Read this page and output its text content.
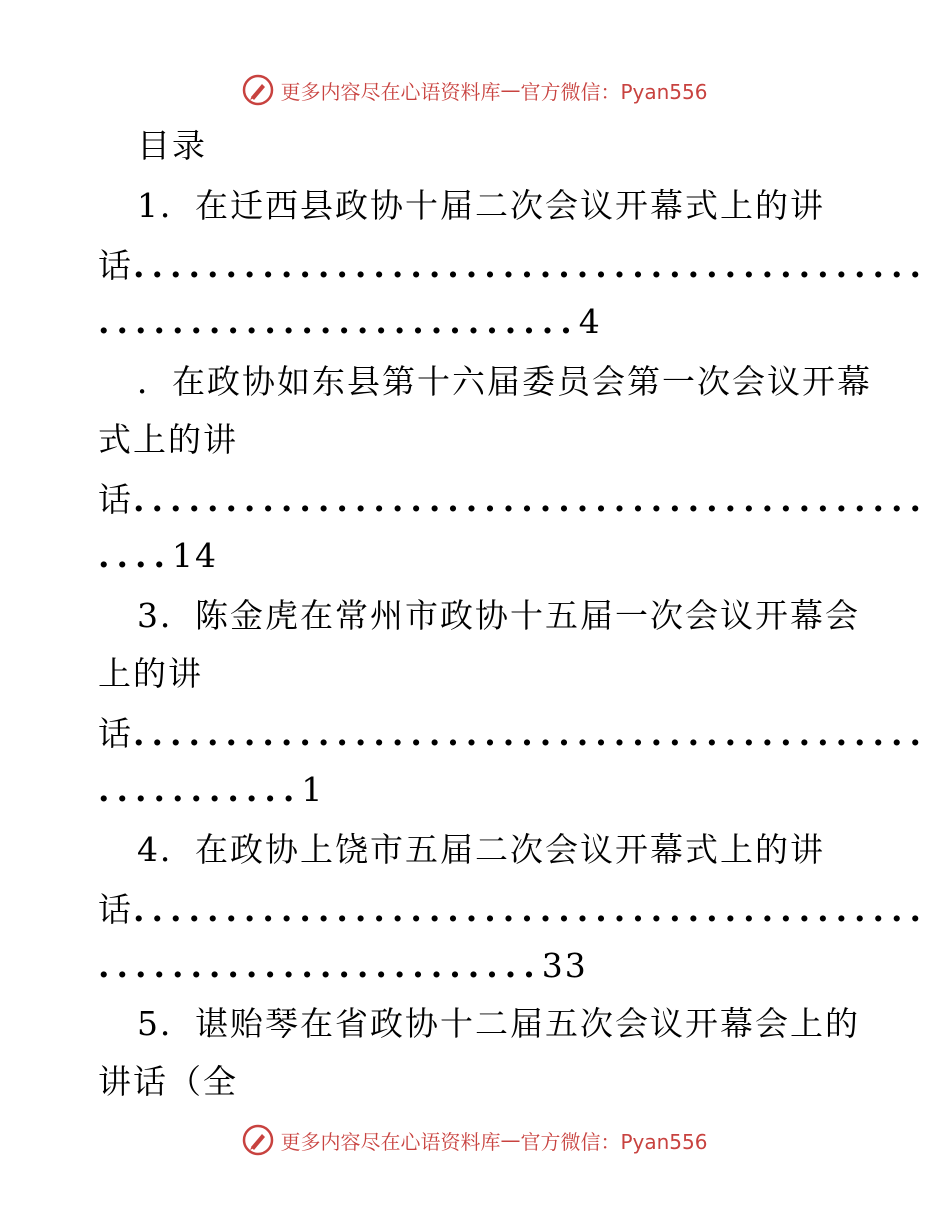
更多内容尽在心语资料库 — 官方微信：Pyan556
目录
1．在迁西县政协十届二次会议开幕式上的讲
话...........................................
..........................4
．在政协如东县第十六届委员会第一次会议开幕
式上的讲
话...........................................
....14
3．陈金虎在常州市政协十五届一次会议开幕会
上的讲
话...........................................
...........1
4．在政协上饶市五届二次会议开幕式上的讲
话...........................................
........................33
5．谌贻琴在省政协十二届五次会议开幕会上的
讲话（全
更多内容尽在心语资料库 — 官方微信：Pyan556
